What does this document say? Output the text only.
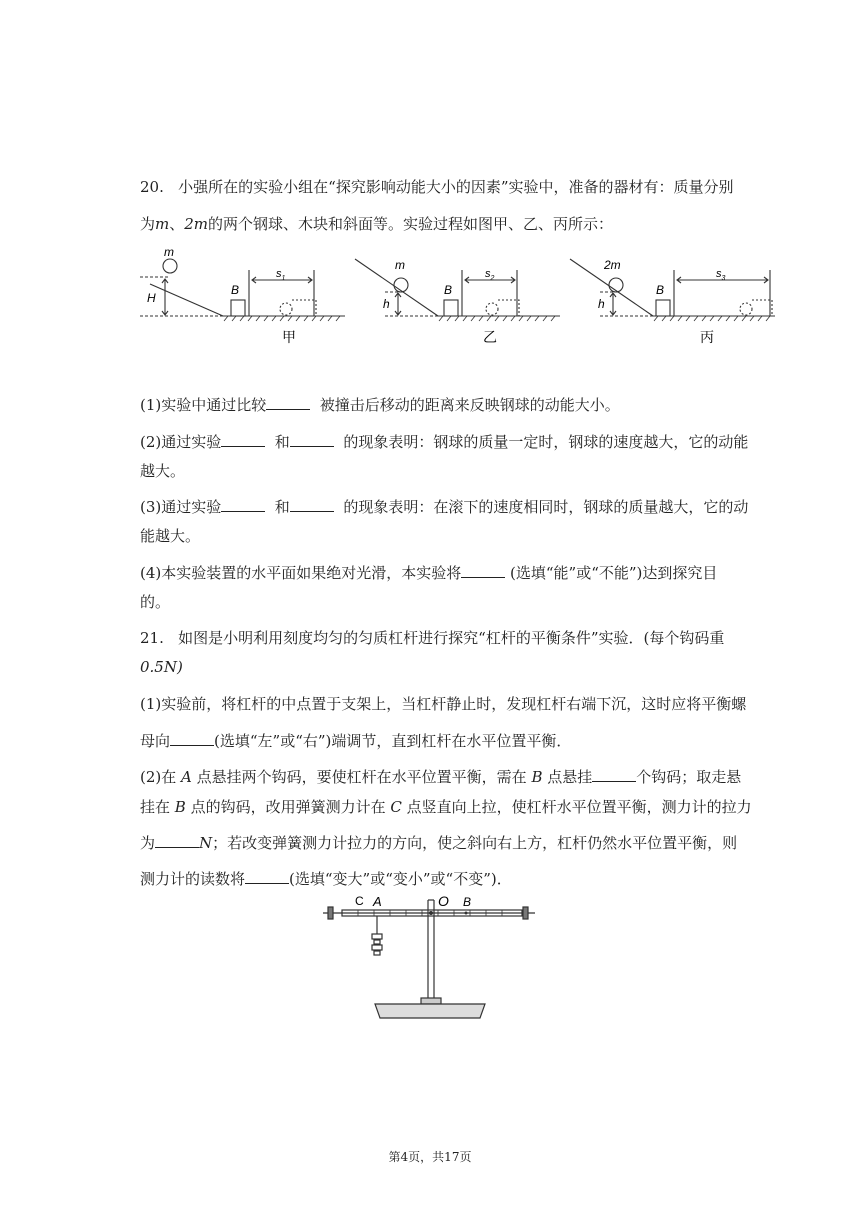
20. 小强所在的实验小组在“探究影响动能大小的因素”实验中，准备的器材有：质量分别
为m、2m的两个钢球、木块和斜面等。实验过程如图甲、乙、丙所示：
m
H
B
$s_1$
甲
m
h
B
$s_2$
乙
2m
h
B
$s_3$
丙
(1)实验中通过比较	被撞击后移动的距离来反映钢球的动能大小。
(2)通过实验	和	的现象表明：钢球的质量一定时，钢球的速度越大，它的动能
越大。
(3)通过实验	和	的现象表明：在滚下的速度相同时，钢球的质量越大，它的动
能越大。
(4)本实验装置的水平面如果绝对光滑，本实验将	(选填“能”或“不能”)达到探究目
的。
21. 如图是小明利用刻度均匀的匀质杠杆进行探究“杠杆的平衡条件”实验．(每个钩码重
0.5N)
(1)实验前，将杠杆的中点置于支架上，当杠杆静止时，发现杠杆右端下沉，这时应将平衡螺
母向	(选填“左”或“右”)端调节，直到杠杆在水平位置平衡．
(2)在 A 点悬挂两个钩码，要使杠杆在水平位置平衡，需在 B 点悬挂	个钩码；取走悬
挂在 B 点的钩码，改用弹簧测力计在 C 点竖直向上拉，使杠杆水平位置平衡，测力计的拉力
为	N；若改变弹簧测力计拉力的方向，使之斜向右上方，杠杆仍然水平位置平衡，则
测力计的读数将	(选填“变大”或“变小”或“不变”)．
C A	O B
第4页，共17页
